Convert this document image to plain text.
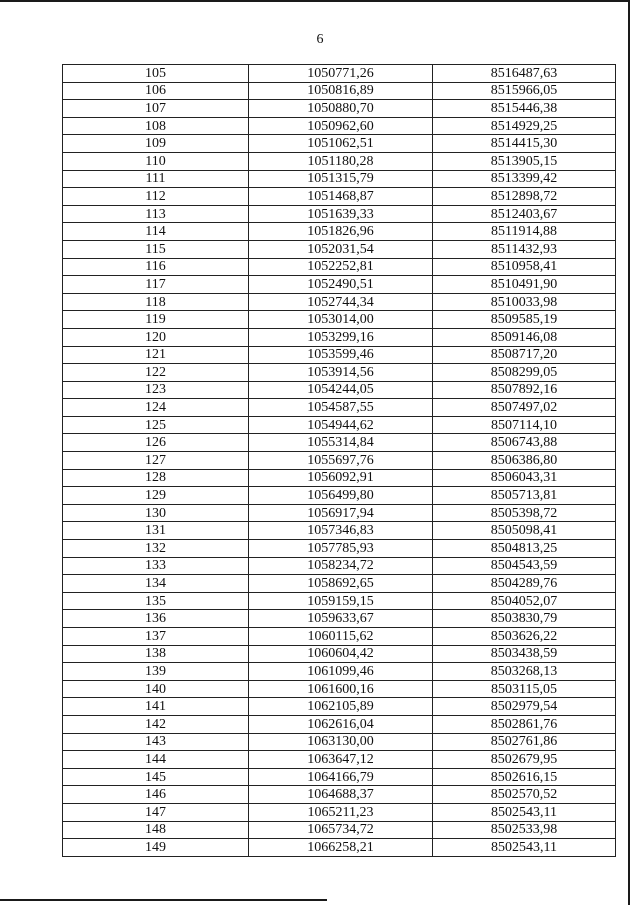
6
105	1050771,26	8516487,63
106	1050816,89	8515966,05
107	1050880,70	8515446,38
108	1050962,60	8514929,25
109	1051062,51	8514415,30
110	1051180,28	8513905,15
111	1051315,79	8513399,42
112	1051468,87	8512898,72
113	1051639,33	8512403,67
114	1051826,96	8511914,88
115	1052031,54	8511432,93
116	1052252,81	8510958,41
117	1052490,51	8510491,90
118	1052744,34	8510033,98
119	1053014,00	8509585,19
120	1053299,16	8509146,08
121	1053599,46	8508717,20
122	1053914,56	8508299,05
123	1054244,05	8507892,16
124	1054587,55	8507497,02
125	1054944,62	8507114,10
126	1055314,84	8506743,88
127	1055697,76	8506386,80
128	1056092,91	8506043,31
129	1056499,80	8505713,81
130	1056917,94	8505398,72
131	1057346,83	8505098,41
132	1057785,93	8504813,25
133	1058234,72	8504543,59
134	1058692,65	8504289,76
135	1059159,15	8504052,07
136	1059633,67	8503830,79
137	1060115,62	8503626,22
138	1060604,42	8503438,59
139	1061099,46	8503268,13
140	1061600,16	8503115,05
141	1062105,89	8502979,54
142	1062616,04	8502861,76
143	1063130,00	8502761,86
144	1063647,12	8502679,95
145	1064166,79	8502616,15
146	1064688,37	8502570,52
147	1065211,23	8502543,11
148	1065734,72	8502533,98
149	1066258,21	8502543,11
